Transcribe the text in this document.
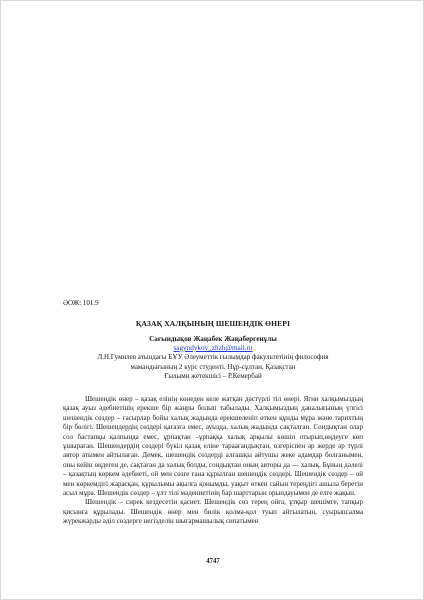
ӘОЖ: 101.9
ҚАЗАҚ ХАЛҚЫНЫҢ ШЕШЕНДІК ӨНЕРІ
Сағындықов Жаңабек Жаңабергенұлы
sagyndykov_zhzh@mail.ru
Л.Н.Гумилев атындағы ЕҰУ Әлеуметтік ғылымдар факультетінің философия
мамандығының 2 курс студенті. Нұр-сұлтан, Қазақстан
Ғылыми жетекшісі – Р.Кемербай

Шешендік өнер – қазақ елінің көнеден келе жатқан дәстүрлі тіл өнері. Ягни халқымыздың қазақ ауыз әдебиетінің ерекше бір жанры болып табылады. Халқымыздың даналығының үлгісі шешендік сөздер – ғасырлар бойы халық жадында ерекшеленіп өткен құнды мұра және тарихтың бір бөлігі. Шешендердің сөздері қағазға емес, ауызда, халық жадында сақталған. Сондықтан олар сол бастапқы қалпында емес, ұрпақтан –ұрпаққа халық арқылы көшіп отырып,өңдеуге көп ұшыраған. Шешендердің сөздері бүкіл қазақ еліне тараағандықтан, өзгеріспен әр жерде әр түрлі автор атымен айтылаған. Демек, шешендік сөздерді алғашқы айтушы жеке адамдар болғанымен, оны кейін өңдеген де, сақтаған да халық болды, сондықтан оның авторы да — халық. Бұның дәлелі – қазақтың көркем әдебиеті, ой мен сөзге ғана құрылған шешендік сөздері. Шешендік сөздер – ой мен көркемдігі жарасқан, құрылымы ақылға қонымды, уақыт өткен сайын тереңдігі ашыла беретін асыл мұра. Шешендік сөздер – ұлт тілі мәдениетінің бар шарттарын орындауымен де елге жақын.

Шешендік – сирек кездесетін қасиет. Шешендік сөз терең ойға, ұтқыр шешімге, тапқыр қисынға құрылады. Шешендік өнер мен билік қолма-қол туып айтылатын, суырыпсалма жүрекжарды әділ сөздерге негізделін шығармашылық сипатымен

4747
